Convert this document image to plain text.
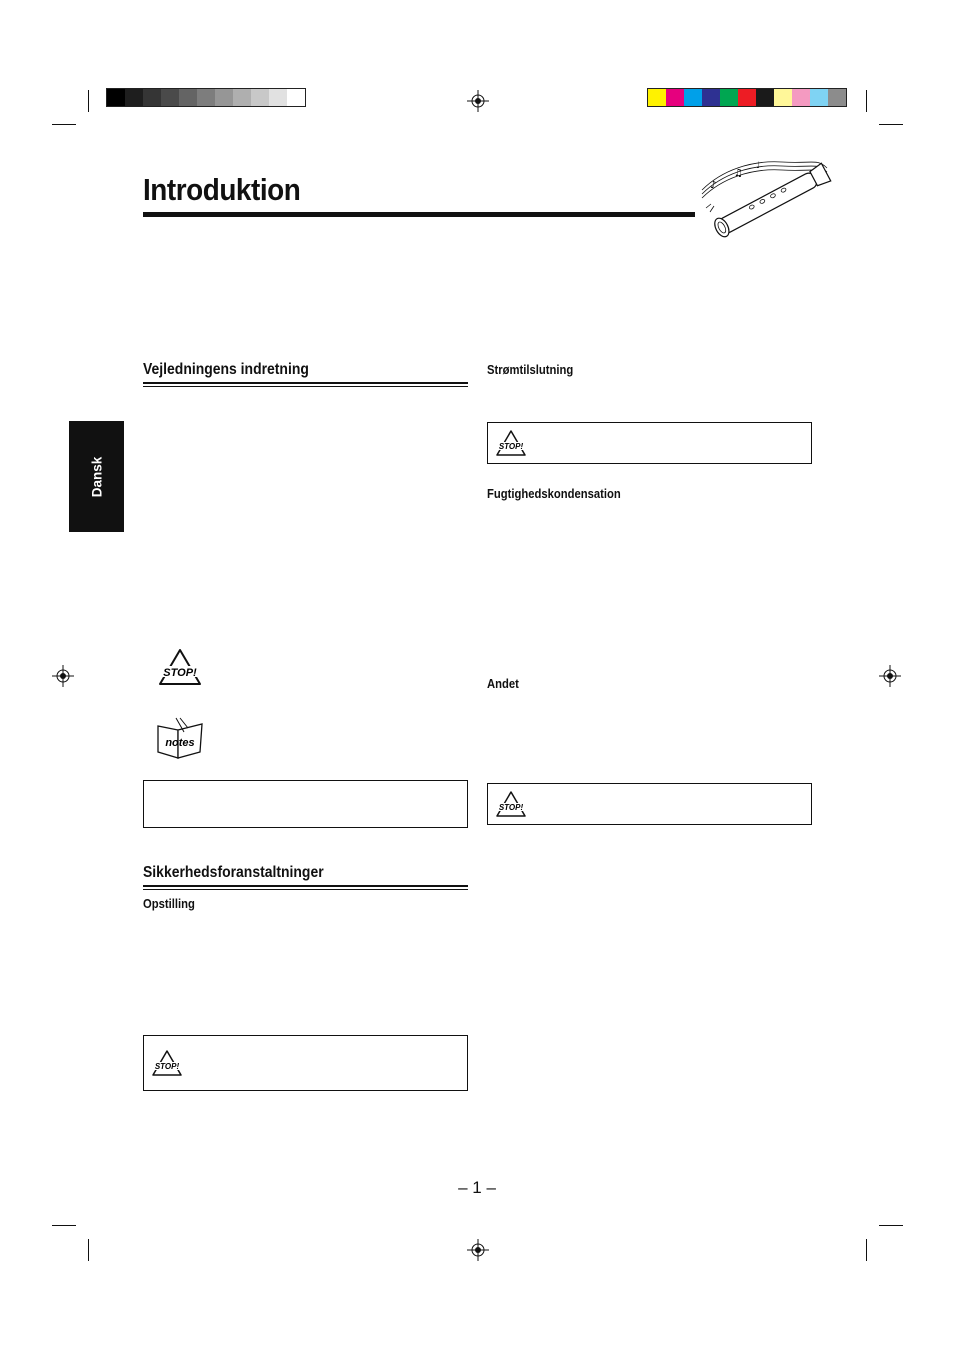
Introduktion	♪
♫
♩
Dansk
Vejledningens indretning
STOP!
notes
Sikkerhedsforanstaltninger
Opstilling
STOP!
Strømtilslutning
STOP!
Fugtighedskondensation
Andet
STOP!
– 1 –
